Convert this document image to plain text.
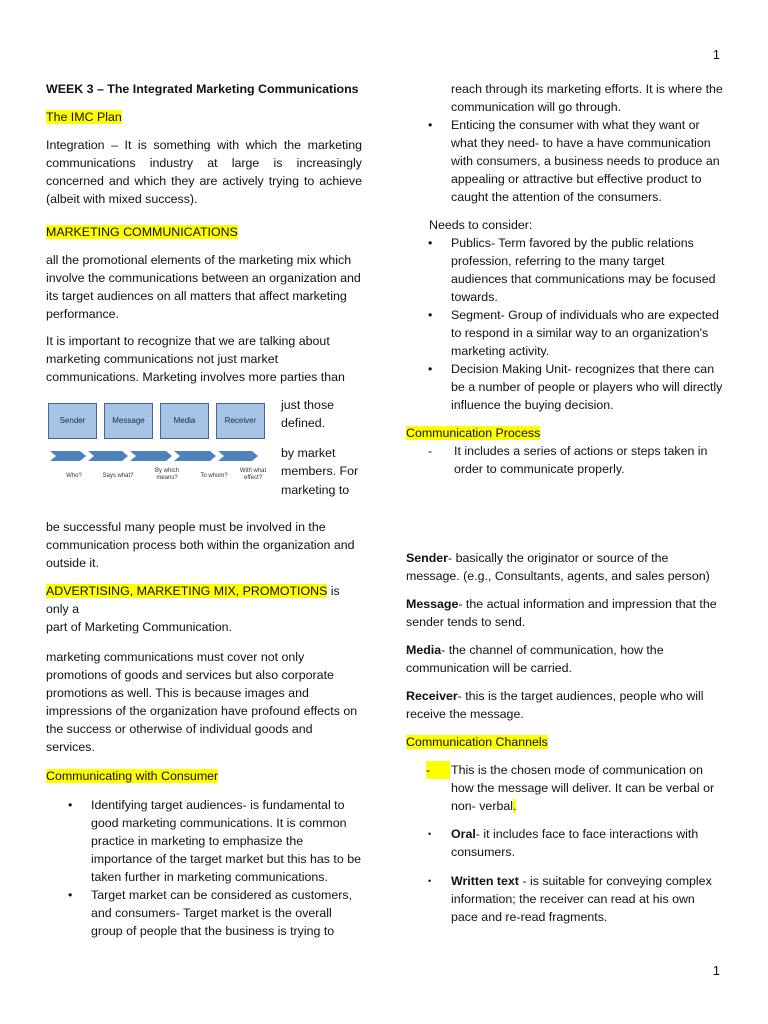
1
1

WEEK 3 – The Integrated Marketing Communications

The IMC Plan

Integration – It is something with which the marketing communications industry at large is increasingly concerned and which they are actively trying to achieve (albeit with mixed success).

MARKETING COMMUNICATIONS

all the promotional elements of the marketing mix which involve the communications between an organization and its target audiences on all matters that affect marketing performance.

It is important to recognize that we are talking about marketing communications not just market communications. Marketing involves more parties than

just those
defined.
by market
members. For
marketing to
Sender	Message	Media	Receiver
Who?	Says what?
By which means?	To whom?
With what effect?

be successful many people must be involved in the communication process both within the organization and outside it.

ADVERTISING, MARKETING MIX, PROMOTIONS is only a

part of Marketing Communication.

marketing communications must cover not only promotions of goods and services but also corporate promotions as well. This is because images and impressions of the organization have profound effects on the success or otherwise of individual goods and services.

Communicating with Consumer

• Identifying target audiences- is fundamental to good marketing communications. It is common practice in marketing to emphasize the importance of the target market but this has to be taken further in marketing communications.
• Target market can be considered as customers, and consumers- Target market is the overall group of people that the business is trying to

reach through its marketing efforts. It is where the communication will go through.

• Enticing the consumer with what they want or what they need- to have a have communication with consumers, a business needs to produce an appealing or attractive but effective product to caught the attention of the consumers.

Needs to consider:

• Publics- Term favored by the public relations profession, referring to the many target audiences that communications may be focused towards.
• Segment- Group of individuals who are expected to respond in a similar way to an organization's marketing activity.
• Decision Making Unit- recognizes that there can be a number of people or players who will directly influence the buying decision.

Communication Process

- It includes a series of actions or steps taken in order to communicate properly.

Sender- basically the originator or source of the message. (e.g., Consultants, agents, and sales person)

Message- the actual information and impression that the sender tends to send.

Media- the channel of communication, how the communication will be carried.

Receiver- this is the target audiences, people who will receive the message.

Communication Channels

-	This is the chosen mode of communication on how the message will deliver. It can be verbal or non- verbal.
• Oral- it includes face to face interactions with consumers.
• Written text - is suitable for conveying complex information; the receiver can read at his own pace and re-read fragments.
